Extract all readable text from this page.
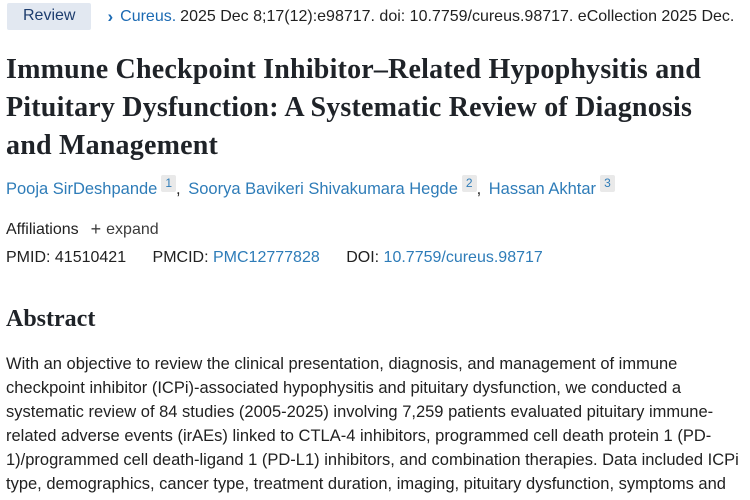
Review	› Cureus. 2025 Dec 8;17(12):e98717. doi: 10.7759/cureus.98717. eCollection 2025 Dec.
Immune Checkpoint Inhibitor–Related Hypophysitis and Pituitary Dysfunction: A Systematic Review of Diagnosis and Management
Pooja SirDeshpande 1 , Soorya Bavikeri Shivakumara Hegde 2 , Hassan Akhtar 3
Affiliations + expand
PMID: 41510421 PMCID: PMC12777828 DOI: 10.7759/cureus.98717
Abstract

With an objective to review the clinical presentation, diagnosis, and management of immune checkpoint inhibitor (ICPi)-associated hypophysitis and pituitary dysfunction, we conducted a systematic review of 84 studies (2005-2025) involving 7,259 patients evaluated pituitary immune-related adverse events (irAEs) linked to CTLA-4 inhibitors, programmed cell death protein 1 (PD-1)/programmed cell death-ligand 1 (PD-L1) inhibitors, and combination therapies. Data included ICPi type, demographics, cancer type, treatment duration, imaging, pituitary dysfunction, symptoms and
